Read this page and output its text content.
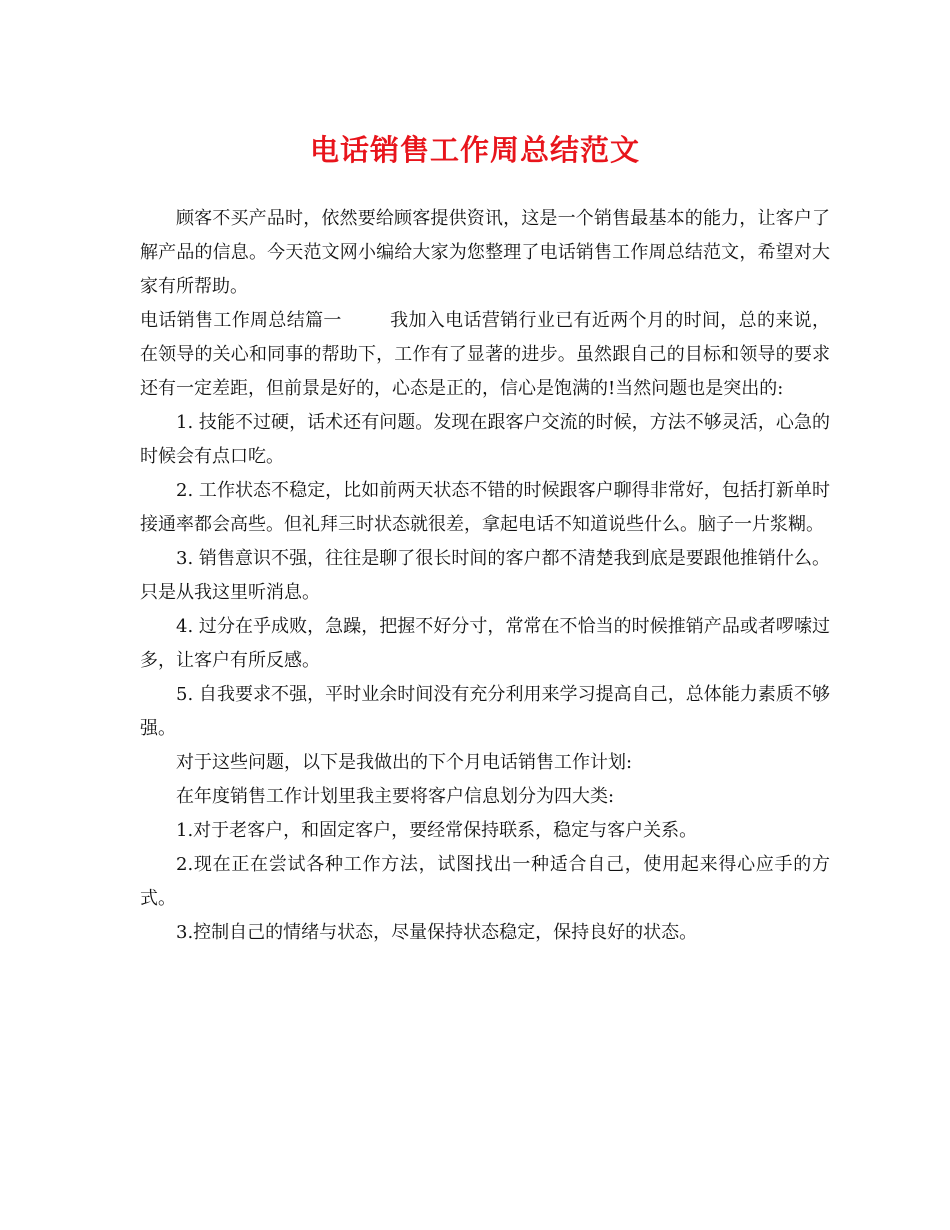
电话销售工作周总结范文

顾客不买产品时，依然要给顾客提供资讯，这是一个销售最基本的能力，让客户了解产品的信息。今天范文网小编给大家为您整理了电话销售工作周总结范文，希望对大家有所帮助。

电话销售工作周总结篇一	我加入电话营销行业已有近两个月的时间，总的来说，在领导的关心和同事的帮助下，工作有了显著的进步。虽然跟自己的目标和领导的要求还有一定差距，但前景是好的，心态是正的，信心是饱满的!当然问题也是突出的:

1. 技能不过硬，话术还有问题。发现在跟客户交流的时候，方法不够灵活，心急的时候会有点口吃。

2. 工作状态不稳定，比如前两天状态不错的时候跟客户聊得非常好，包括打新单时接通率都会高些。但礼拜三时状态就很差，拿起电话不知道说些什么。脑子一片浆糊。

3. 销售意识不强，往往是聊了很长时间的客户都不清楚我到底是要跟他推销什么。只是从我这里听消息。

4. 过分在乎成败，急躁，把握不好分寸，常常在不恰当的时候推销产品或者啰嗦过多，让客户有所反感。

5. 自我要求不强，平时业余时间没有充分利用来学习提高自己，总体能力素质不够强。

对于这些问题，以下是我做出的下个月电话销售工作计划:

在年度销售工作计划里我主要将客户信息划分为四大类:

1.对于老客户，和固定客户，要经常保持联系，稳定与客户关系。

2.现在正在尝试各种工作方法，试图找出一种适合自己，使用起来得心应手的方式。

3.控制自己的情绪与状态，尽量保持状态稳定，保持良好的状态。
